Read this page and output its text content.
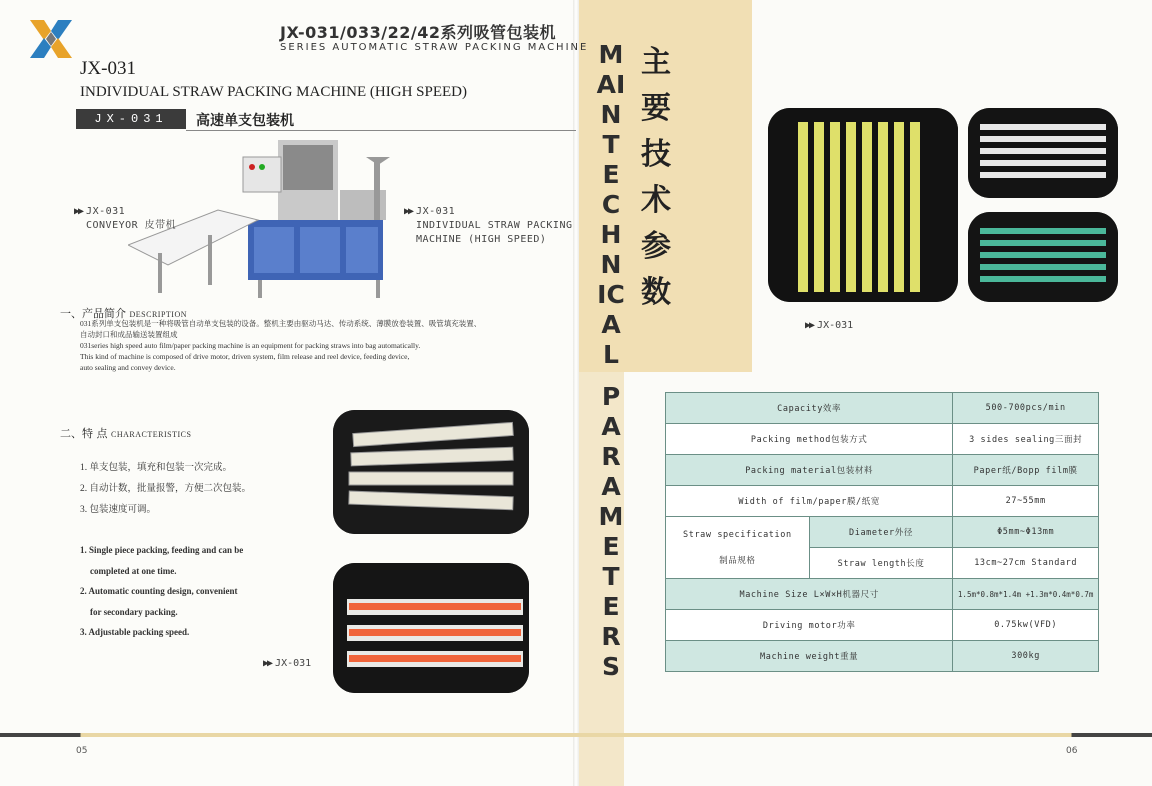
JX-031/033/22/42系列吸管包装机
SERIES AUTOMATIC STRAW PACKING MACHINE
JX-031
INDIVIDUAL STRAW PACKING MACHINE (HIGH SPEED)
JX-031	高速单支包装机
▶▶ JX-031
CONVEYOR 皮带机
▶▶ JX-031
INDIVIDUAL STRAW PACKING
MACHINE (HIGH SPEED)
一、产品简介 DESCRIPTION
031系列单支包装机是一种将吸管自动单支包装的设备。整机主要由驱动马达、传动系统、薄膜放卷装置、吸管填充装置、
自动封口和成品输送装置组成
031series high speed auto film/paper packing machine is an equipment for packing straws into bag automatically.
This kind of machine is composed of drive motor, driven system, film release and reel device, feeding device,
auto sealing and convey device.
二、特 点 CHARACTERISTICS
1. 单支包装，填充和包装一次完成。
2. 自动计数，批量报警，方便二次包装。
3. 包装速度可调。
1. Single piece packing, feeding and can be
completed at one time.
2. Automatic counting design, convenient
for secondary packing.
3. Adjustable packing speed.
▶▶ JX-031
MAIN TECHNICAL
PARAMETERS
主要技术参数
▶▶ JX-031
Capacity效率		500-700pcs/min
Packing method包装方式		3 sides sealing三面封
Packing material包装材料		Paper纸/Bopp film膜
Width of film/paper膜/纸宽		27~55mm

Straw specification
制品规格	Diameter外径	Φ5mm~Φ13mm
	Straw length长度	13cm~27cm Standard
Machine Size L×W×H机器尺寸		1.5m*0.8m*1.4m +1.3m*0.4m*0.7m
Driving motor功率		0.75kw(VFD)
Machine weight重量		300kg
05	06
